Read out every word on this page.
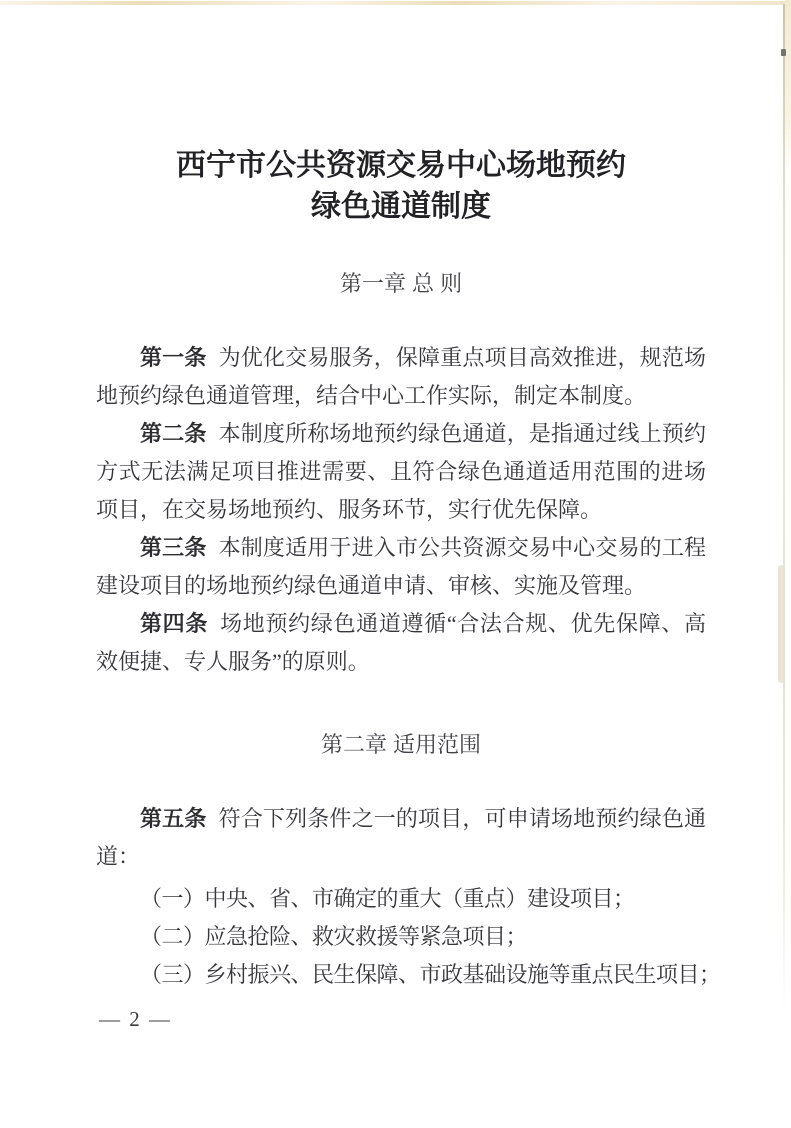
西宁市公共资源交易中心场地预约
绿色通道制度

第一章 总 则

第一条 为优化交易服务，保障重点项目高效推进，规范场地预约绿色通道管理，结合中心工作实际，制定本制度。

第二条 本制度所称场地预约绿色通道，是指通过线上预约方式无法满足项目推进需要、且符合绿色通道适用范围的进场项目，在交易场地预约、服务环节，实行优先保障。

第三条 本制度适用于进入市公共资源交易中心交易的工程建设项目的场地预约绿色通道申请、审核、实施及管理。

第四条 场地预约绿色通道遵循“合法合规、优先保障、高效便捷、专人服务”的原则。

第二章 适用范围

第五条 符合下列条件之一的项目，可申请场地预约绿色通道：

（一）中央、省、市确定的重大（重点）建设项目；

（二）应急抢险、救灾救援等紧急项目；

（三）乡村振兴、民生保障、市政基础设施等重点民生项目；

— 2 —
